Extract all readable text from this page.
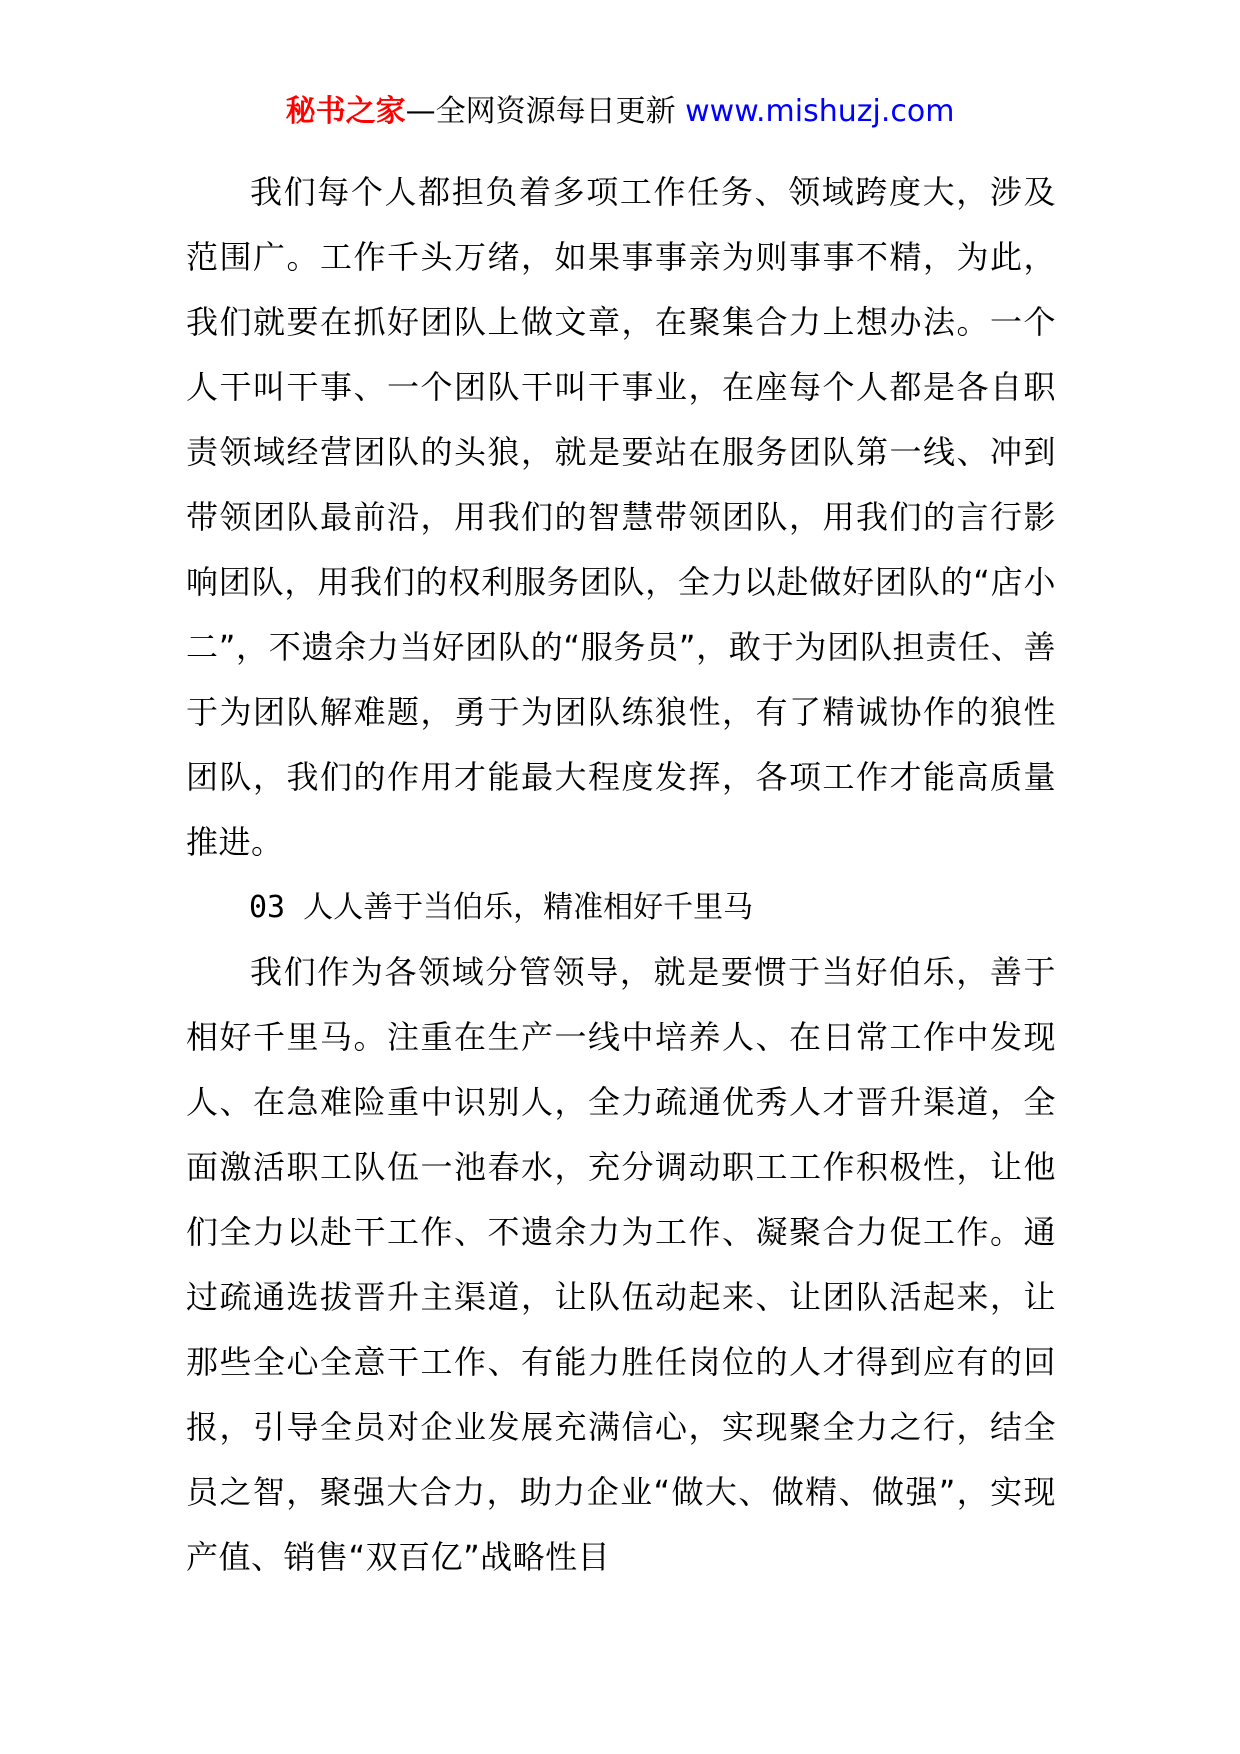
秘书之家—全网资源每日更新 www.mishuzj.com

我们每个人都担负着多项工作任务、领域跨度大，涉及范围广。工作千头万绪，如果事事亲为则事事不精，为此，我们就要在抓好团队上做文章，在聚集合力上想办法。一个人干叫干事、一个团队干叫干事业，在座每个人都是各自职责领域经营团队的头狼，就是要站在服务团队第一线、冲到带领团队最前沿，用我们的智慧带领团队，用我们的言行影响团队，用我们的权利服务团队，全力以赴做好团队的“店小二”，不遗余力当好团队的“服务员”，敢于为团队担责任、善于为团队解难题，勇于为团队练狼性，有了精诚协作的狼性团队，我们的作用才能最大程度发挥，各项工作才能高质量推进。

03 人人善于当伯乐，精准相好千里马

我们作为各领域分管领导，就是要惯于当好伯乐，善于相好千里马。注重在生产一线中培养人、在日常工作中发现人、在急难险重中识别人，全力疏通优秀人才晋升渠道，全面激活职工队伍一池春水，充分调动职工工作积极性，让他们全力以赴干工作、不遗余力为工作、凝聚合力促工作。通过疏通选拔晋升主渠道，让队伍动起来、让团队活起来，让那些全心全意干工作、有能力胜任岗位的人才得到应有的回报，引导全员对企业发展充满信心，实现聚全力之行，结全员之智，聚强大合力，助力企业“做大、做精、做强”，实现产值、销售“双百亿”战略性目
